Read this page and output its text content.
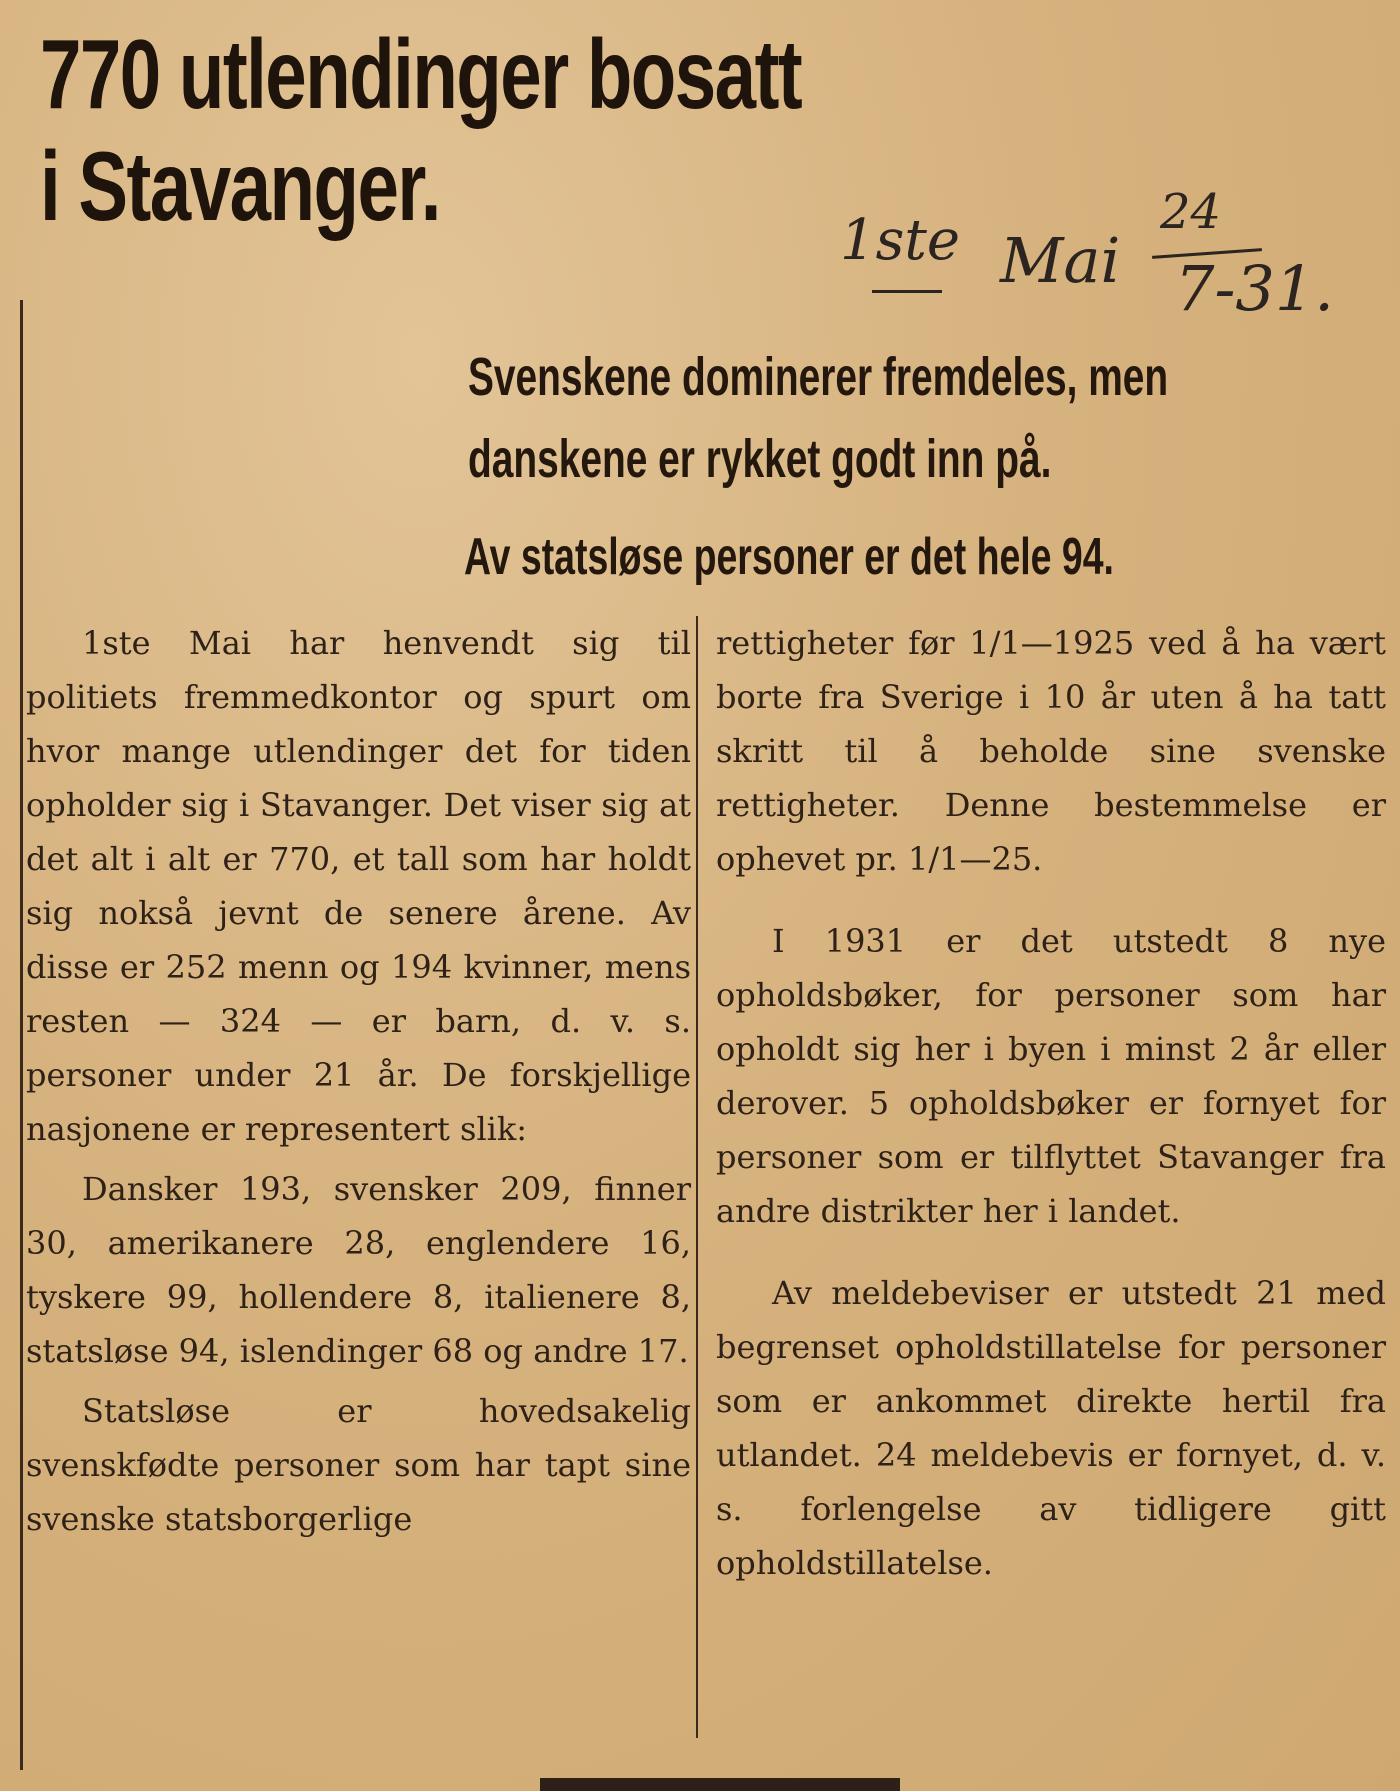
770 utlendinger bosatt
i Stavanger.	1ste Mai
24
7-31.
Svenskene dominerer fremdeles, men
danskene er rykket godt inn på.
Av statsløse personer er det hele 94.

1ste Mai har henvendt sig til politiets fremmedkontor og spurt om hvor mange utlendinger det for tiden opholder sig i Stavanger. Det viser sig at det alt i alt er 770, et tall som har holdt sig nokså jevnt de senere årene. Av disse er 252 menn og 194 kvinner, mens resten — 324 — er barn, d. v. s. personer under 21 år. De forskjellige nasjonene er representert slik:

Dansker 193, svensker 209, finner 30, amerikanere 28, englendere 16, tyskere 99, hollendere 8, italienere 8, statsløse 94, islendinger 68 og andre 17.

Statsløse er hovedsakelig svenskfødte personer som har tapt sine svenske statsborgerlige

rettigheter før 1/1—1925 ved å ha vært borte fra Sverige i 10 år uten å ha tatt skritt til å beholde sine svenske rettigheter. Denne bestemmelse er ophevet pr. 1/1—25.

I 1931 er det utstedt 8 nye opholdsbøker, for personer som har opholdt sig her i byen i minst 2 år eller derover. 5 opholdsbøker er fornyet for personer som er tilflyttet Stavanger fra andre distrikter her i landet.

Av meldebeviser er utstedt 21 med begrenset opholdstillatelse for personer som er ankommet direkte hertil fra utlandet. 24 meldebevis er fornyet, d. v. s. forlengelse av tidligere gitt opholdstillatelse.
